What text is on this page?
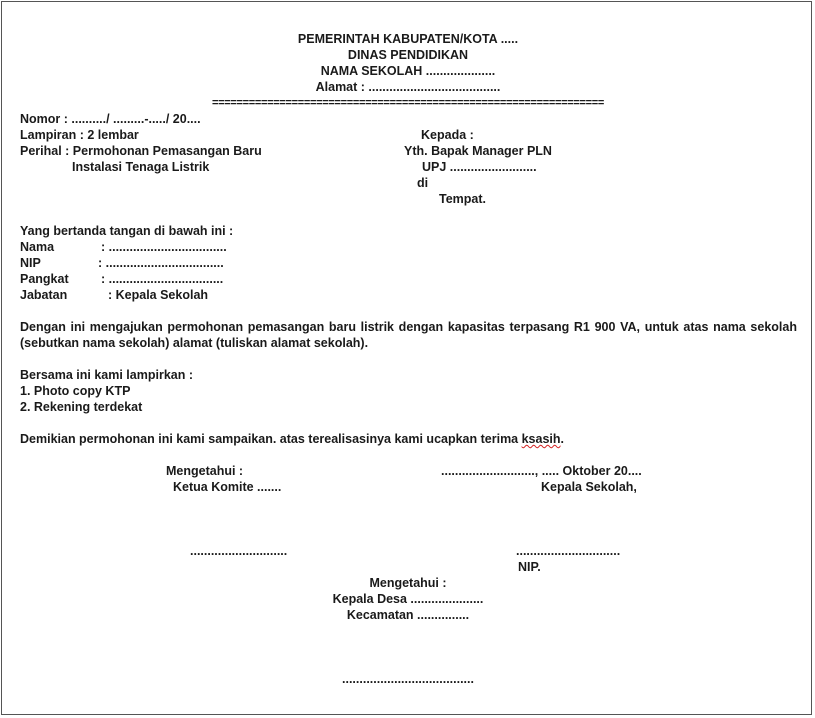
PEMERINTAH KABUPATEN/KOTA .....
DINAS PENDIDIKAN
NAMA SEKOLAH ....................
Alamat : ......................................
================================================================
Nomor : ........../ .........-...../ 20....
Lampiran : 2 lembar
Perihal : Permohonan Pemasangan Baru
Instalasi Tenaga Listrik
Kepada :
Yth. Bapak Manager PLN
UPJ .........................
di
Tempat.
Yang bertanda tangan di bawah ini :
Nama	: ..................................
NIP	: ..................................
Pangkat	: .................................
Jabatan	: Kepala Sekolah
Dengan ini mengajukan permohonan pemasangan baru listrik dengan kapasitas terpasang R1 900 VA, untuk atas nama sekolah (sebutkan nama sekolah) alamat (tuliskan alamat sekolah).
Bersama ini kami lampirkan :
1. Photo copy KTP
2. Rekening terdekat
Demikian permohonan ini kami sampaikan. atas terealisasinya kami ucapkan terima ksasih.
Mengetahui :
Ketua Komite .......
..........................., ..... Oktober 20....
Kepala Sekolah,
............................	..............................
NIP.
Mengetahui :
Kepala Desa .....................
Kecamatan ...............
......................................
